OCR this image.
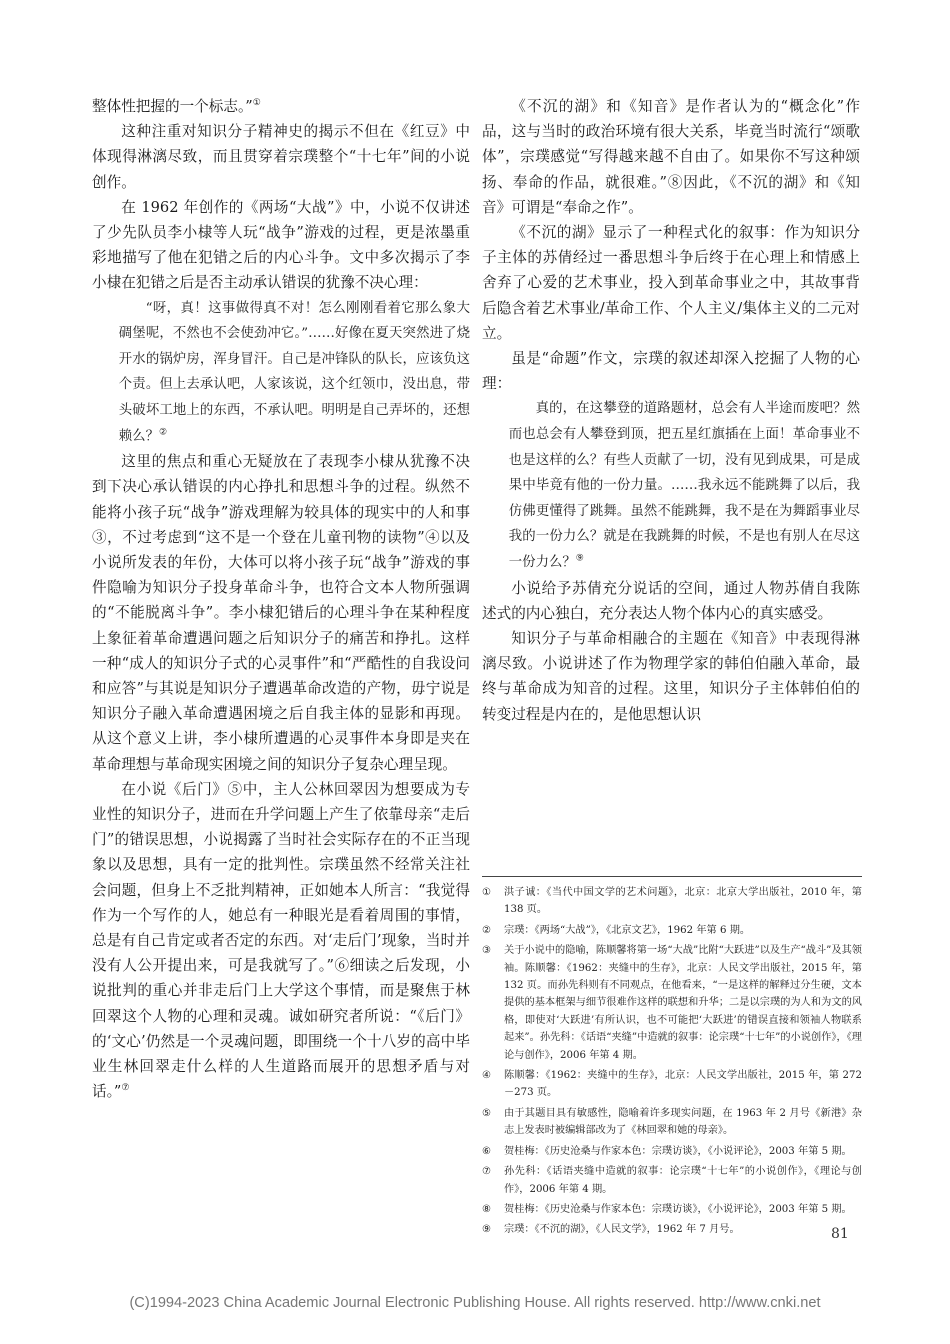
整体性把握的一个标志。”①

这种注重对知识分子精神史的揭示不但在《红豆》中体现得淋漓尽致，而且贯穿着宗璞整个“十七年”间的小说创作。

在 1962 年创作的《两场“大战”》中，小说不仅讲述了少先队员李小棣等人玩“战争”游戏的过程，更是浓墨重彩地描写了他在犯错之后的内心斗争。文中多次揭示了李小棣在犯错之后是否主动承认错误的犹豫不决心理：

“呀，真！这事做得真不对！怎么刚刚看着它那么象大碉堡呢，不然也不会使劲冲它。”……好像在夏天突然进了烧开水的锅炉房，浑身冒汗。自己是冲锋队的队长，应该负这个责。但上去承认吧，人家该说，这个红领巾，没出息，带头破坏工地上的东西，不承认吧。明明是自己弄坏的，还想赖么？②

这里的焦点和重心无疑放在了表现李小棣从犹豫不决到下决心承认错误的内心挣扎和思想斗争的过程。纵然不能将小孩子玩“战争”游戏理解为较具体的现实中的人和事③，不过考虑到“这不是一个登在儿童刊物的读物”④以及小说所发表的年份，大体可以将小孩子玩“战争”游戏的事件隐喻为知识分子投身革命斗争，也符合文本人物所强调的“不能脱离斗争”。李小棣犯错后的心理斗争在某种程度上象征着革命遭遇问题之后知识分子的痛苦和挣扎。这样一种“成人的知识分子式的心灵事件”和“严酷性的自我设问和应答”与其说是知识分子遭遇革命改造的产物，毋宁说是知识分子融入革命遭遇困境之后自我主体的显影和再现。从这个意义上讲，李小棣所遭遇的心灵事件本身即是夹在革命理想与革命现实困境之间的知识分子复杂心理呈现。

在小说《后门》⑤中，主人公林回翠因为想要成为专业性的知识分子，进而在升学问题上产生了依靠母亲“走后门”的错误思想，小说揭露了当时社会实际存在的不正当现象以及思想，具有一定的批判性。宗璞虽然不经常关注社会问题，但身上不乏批判精神，正如她本人所言：“我觉得作为一个写作的人，她总有一种眼光是看着周围的事情，总是有自己肯定或者否定的东西。对‘走后门’现象，当时并没有人公开提出来，可是我就写了。”⑥细读之后发现，小说批判的重心并非走后门上大学这个事情，而是聚焦于林回翠这个人物的心理和灵魂。诚如研究者所说：“《后门》的‘文心’仍然是一个灵魂问题，即围绕一个十八岁的高中毕业生林回翠走什么样的人生道路而展开的思想矛盾与对话。”⑦

《不沉的湖》和《知音》是作者认为的“概念化”作品，这与当时的政治环境有很大关系，毕竟当时流行“颂歌体”，宗璞感觉“写得越来越不自由了。如果你不写这种颂扬、奉命的作品，就很难。”⑧因此，《不沉的湖》和《知音》可谓是“奉命之作”。

《不沉的湖》显示了一种程式化的叙事：作为知识分子主体的苏倩经过一番思想斗争后终于在心理上和情感上舍弃了心爱的艺术事业，投入到革命事业之中，其故事背后隐含着艺术事业/革命工作、个人主义/集体主义的二元对立。

虽是“命题”作文，宗璞的叙述却深入挖掘了人物的心理：

真的，在这攀登的道路题材，总会有人半途而废吧？然而也总会有人攀登到顶，把五星红旗插在上面！革命事业不也是这样的么？有些人贡献了一切，没有见到成果，可是成果中毕竟有他的一份力量。……我永远不能跳舞了以后，我仿佛更懂得了跳舞。虽然不能跳舞，我不是在为舞蹈事业尽我的一份力么？就是在我跳舞的时候，不是也有别人在尽这一份力么？⑨

小说给予苏倩充分说话的空间，通过人物苏倩自我陈述式的内心独白，充分表达人物个体内心的真实感受。

知识分子与革命相融合的主题在《知音》中表现得淋漓尽致。小说讲述了作为物理学家的韩伯伯融入革命，最终与革命成为知音的过程。这里，知识分子主体韩伯伯的转变过程是内在的，是他思想认识

① 洪子诚：《当代中国文学的艺术问题》，北京：北京大学出版社，2010 年，第 138 页。
② 宗璞：《两场“大战”》，《北京文艺》，1962 年第 6 期。
③ 关于小说中的隐喻，陈顺馨将第一场“大战”比附“大跃进”以及生产“战斗”及其领袖。陈顺馨：《1962：夹缝中的生存》，北京：人民文学出版社，2015 年，第 132 页。而孙先科则有不同观点，在他看来，“一是这样的解释过分生硬，文本提供的基本框架与细节很难作这样的联想和升华；二是以宗璞的为人和为文的风格，即使对‘大跃进’有所认识，也不可能把‘大跃进’的错误直接和领袖人物联系起来”。孙先科：《话语“夹缝”中造就的叙事：论宗璞“十七年”的小说创作》，《理论与创作》，2006 年第 4 期。
④ 陈顺馨：《1962：夹缝中的生存》，北京：人民文学出版社，2015 年，第 272－273 页。
⑤ 由于其题目具有敏感性，隐喻着许多现实问题，在 1963 年 2 月号《新港》杂志上发表时被编辑部改为了《林回翠和她的母亲》。
⑥ 贺桂梅：《历史沧桑与作家本色：宗璞访谈》，《小说评论》，2003 年第 5 期。
⑦ 孙先科：《话语夹缝中造就的叙事：论宗璞“十七年”的小说创作》，《理论与创作》，2006 年第 4 期。
⑧ 贺桂梅：《历史沧桑与作家本色：宗璞访谈》，《小说评论》，2003 年第 5 期。
⑨ 宗璞：《不沉的湖》，《人民文学》，1962 年 7 月号。	81
(C)1994-2023 China Academic Journal Electronic Publishing House. All rights reserved. http://www.cnki.net
